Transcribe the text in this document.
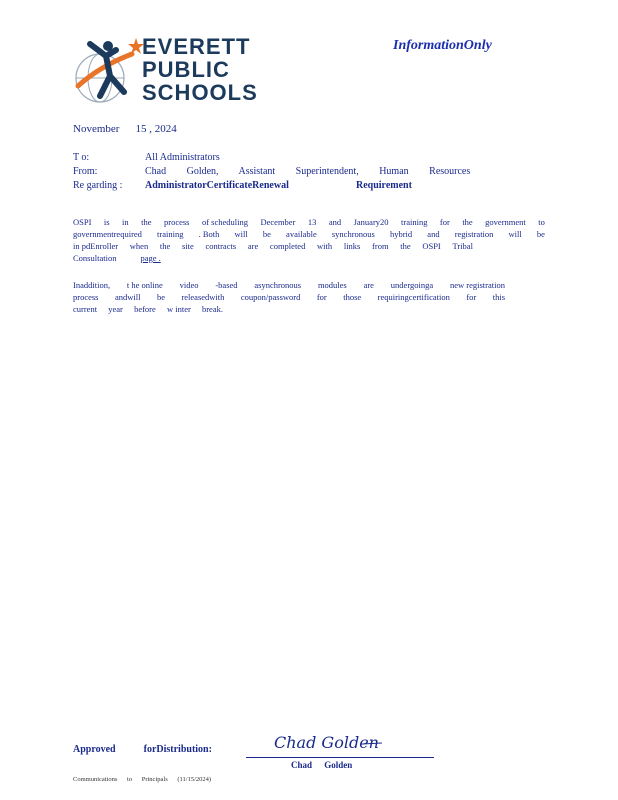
EVERETT
PUBLIC
SCHOOLS
InformationOnly
November 15 , 2024
T o:	All Administrators
From:	Chad Golden, Assistant Superintendent, Human Resources
Re garding : AdministratorCertificateRenewal	Requirement
OSPI is in the process of scheduling December 13 and January20 training for the government to
governmentrequired training . Both will be available synchronous hybrid and registration will be
in pdEnroller when the site contracts are completed with links from the OSPI Tribal
Consultation	page .
Inaddition, t he online video -based asynchronous modules are undergoinga new registration
process andwill be releasedwith coupon/password for those requiringcertification for this
current year before w inter break.
Approved	forDistribution:	Chad Golden
Chad Golden
Communications to Principals (11/15/2024)
